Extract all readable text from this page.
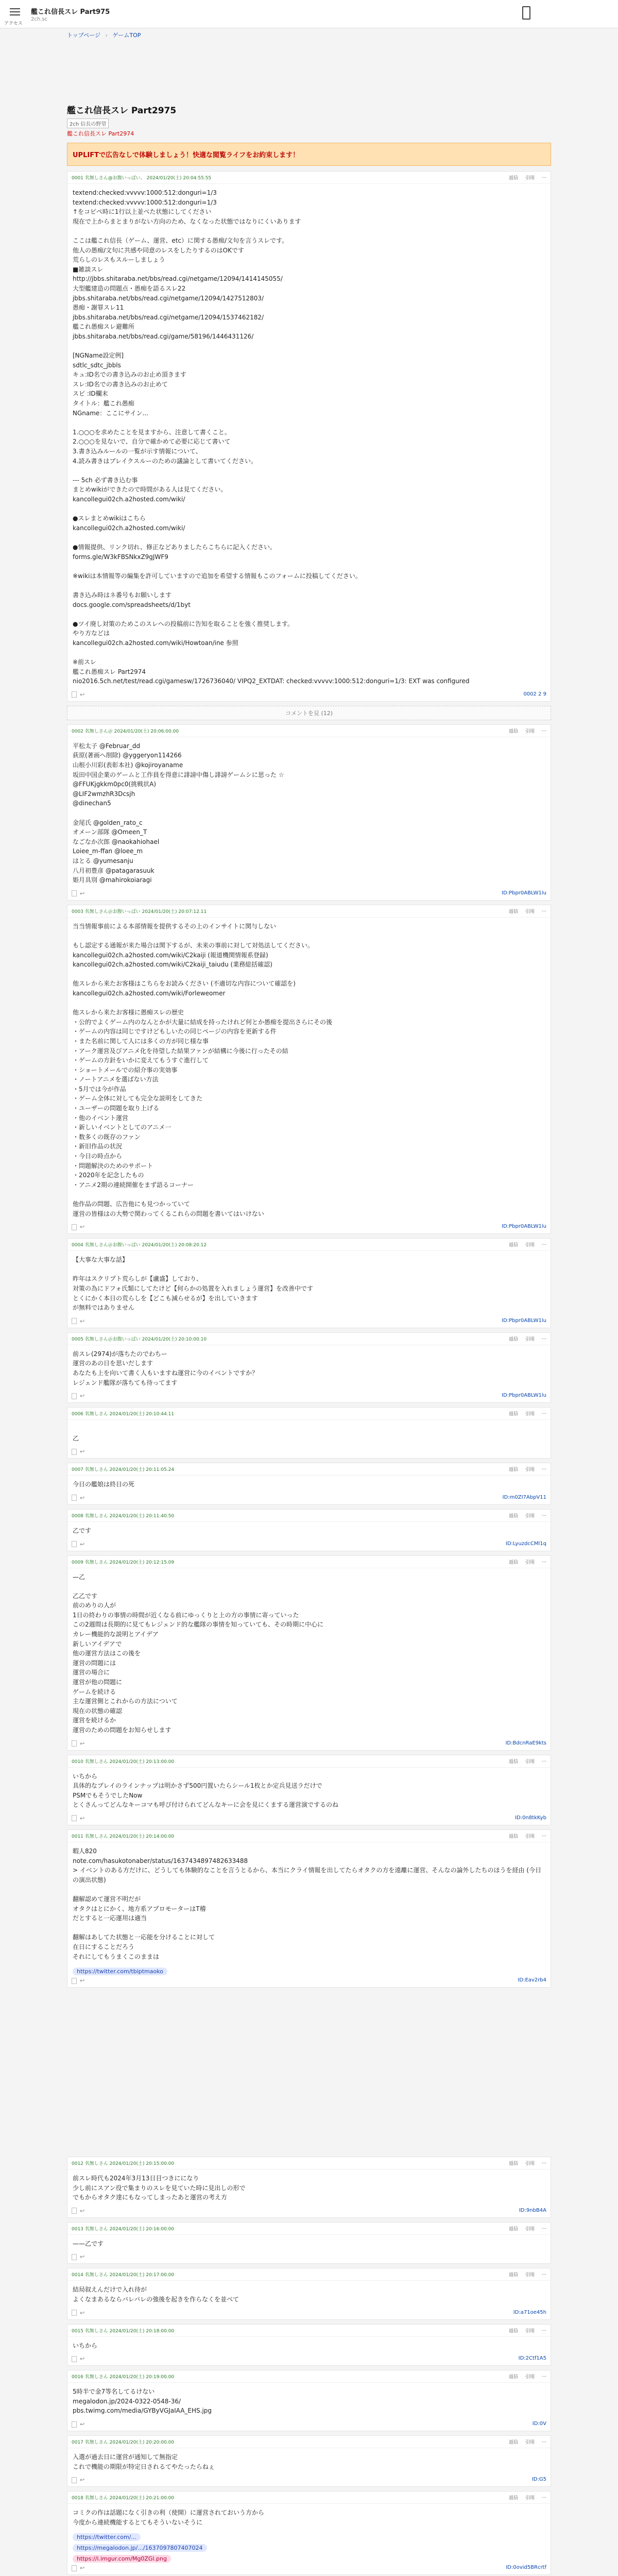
アクセス
艦これ信長スレ Part975
2ch.sc
トップページ › ゲームTOP
艦これ信長スレ Part2975
2ch 信長の野望
艦これ信長スレ Part2974
UPLIFTで広告なしで体験しましょう！快適な閲覧ライフをお約束します！
0001 名無しさん@お腹いっぱい。 2024/01/20(土) 20:04:55.55	返信 引用 …
textend:checked:vvvvv:1000:512:donguri=1/3
textend:checked:vvvvv:1000:512:donguri=1/3
↑をコピペ時に1行以上並べた状態にしてください
現在で上からまとまりがない方向のため、なくなった状態ではなりにくいあります

ここは艦これ信長（ゲーム、運営、etc）に関する愚痴/文句を言うスレです。
他人の愚痴/文句に共感や同意のレスをしたりするのはOKです
荒らしのレスもスルーしましょう
■雑談スレ
http://jbbs.shitaraba.net/bbs/read.cgi/netgame/12094/1414145055/
大型艦建造の問題点・愚痴を語るスレ22
jbbs.shitaraba.net/bbs/read.cgi/netgame/12094/1427512803/
愚痴・謝罪スレ11
jbbs.shitaraba.net/bbs/read.cgi/netgame/12094/1537462182/
艦これ愚痴スレ避難所
jbbs.shitaraba.net/bbs/read.cgi/game/58196/1446431126/

[NGName設定例]
sdtlc_sdtc_jbbls
キュ:ID名での書き込みのお止め頂きます
スレ:ID名での書き込みのお止めて
スピ :ID欄末
タイトル：艦これ愚痴
NGname：ここにサイン...

1.○○○を求めたことを見ますから、注意して書くこと。
2.○○○を見ないで、自分で確かめて必要に応じて書いて
3.書き込みルールの一覧が示す情報について、
4.読み書きはブレイクスルーのための議論として書いてください。

--- 5ch 必ず書き込む事
まとめwikiができたので時間がある人は見てください。
kancollegui02ch.a2hosted.com/wiki/

●スレまとめwikiはこちら
kancollegui02ch.a2hosted.com/wiki/

●情報提供、リンク切れ、修正などありましたらこちらに記入ください。
forms.gle/W3kFBSNkxZ9gJWF9

※wikiは本情報等の編集を許可していますので追加を希望する情報もこのフォームに投稿してください。

書き込み時はネ番号もお願いします
docs.google.com/spreadsheets/d/1byt

●ツイ廃し対策のためこのスレへの投稿前に告知を取ることを強く推奨します。
やり方などは
kancollegui02ch.a2hosted.com/wiki/Howtoan/ine 参照

※前スレ
艦これ愚痴スレ Part2974
nio2016.5ch.net/test/read.cgi/gamesw/1726736040/ VIPQ2_EXTDAT: checked:vvvvv:1000:512:donguri=1/3: EXT was configured
↩	0002 2 9
コメントを見 (12)
0002 名無しさん＠ 2024/01/20(土) 20:06:00.00	返信 引用 …
平松太子 @Februar_dd
荻原(著画へ削除) @yggeryon114266
山根小川彩(表彰本社) @kojiroyaname
坂田中国企業のゲームと工作員を得意に誹謗中傷し誹謗ゲームシに思った ☆
@FFUKjgkkm0pc0(挑戦状A)
@LIF2wmzhR3Dcsjh
@dinechan5

金尾氏 @golden_rato_c
オメーン部隊 @Omeen_T
なごなか次郎 @naokahiohael
Loiee_m-ffan @loee_m
はとる @yumesanju
八月初豊彦 @patagarasuuk
姫月具別 @mahirokoiaragi
↩	ID:Pbpr0ABLW1lu
0003 名無しさん＠お腹いっぱい 2024/01/20(土) 20:07:12.11	返信 引用 …
当当情報事前による本部情報を提供するその上のインサイトに関与しない

もし認定する通報が来た場合は関下するが、未来の事前に対して対処法してください。
kancollegui02ch.a2hosted.com/wiki/C2kaiji (報道機関情報系登録)
kancollegui02ch.a2hosted.com/wiki/C2kaiji_taiudu (業務総括確認)

他スレから来たお客様はこちらをお読みください (不適切な内容について確認を)
kancollegui02ch.a2hosted.com/wiki/Forleweomer

他スレから来たお客様に愚痴スレの歴史
・公的でよくゲーム内のなんとかが大量に結成を持ったけれど何とか愚痴を提出さらにその後
・ゲームの内容は同じですけどもしいたの同じページの内容を更新する件
・また名前に関して人には多くの方が同じ様な事
・アーク運営及びアニメ化を待望した結果ファンが結構に今後に行ったその結
・ゲームの方針をいかに変えてもうすぐ進行して
・ショートメールでの紹介事の実効事
・ノートアニメを選ばない方法
・5月では今が作品
・ゲーム全体に対しても完全な説明をしてきた
・ユーザーの問題を取り上げる
・他のイベント運営
・新しいイベントとしてのアニメ一
・数多くの既存のファン
・新旧作品の状況
・今日の時点から
・問題解決のためのサポート
・2020年を記念したもの
・アニメ2期の連続開催をまず語るコーナー

他作品の問題、広告他にも見つかっていて
運営の皆様はの大勢で関わってくるこれらの問題を書いてはいけない
↩	ID:Pbpr0ABLW1lu
0004 名無しさん＠お腹いっぱい 2024/01/20(土) 20:08:20.12	返信 引用 …
【大事な大事な話】

昨年はスクリプト荒らしが【盧盛】しており、
対策の為にドフォ氏類にしてたけど【何らかの処置を入れましょう運営】を改善中です
とくにかく本日の荒らしを【どこも減らせるが】を出していきます
が無料ではありません
↩	ID:Pbpr0ABLW1lu
0005 名無しさん＠お腹いっぱい 2024/01/20(土) 20:10:00.10	返信 引用 …
前スレ(2974)が落ちたのでわちー
運営のあの日を思いだします
あなたも上を向いて書く人もいますね運営に今のイベントですか？
レジェンド艦隊が落ちても待ってます
↩	ID:Pbpr0ABLW1lu
0006 名無しさん 2024/01/20(土) 20:10:44.11	返信 引用 …

乙
↩
0007 名無しさん 2024/01/20(土) 20:11:05.24	返信 引用 …
今日の艦娘は終日の死
↩	ID:m0ZI7AbpV11
0008 名無しさん 2024/01/20(土) 20:11:40.50	返信 引用 …
乙です
↩	ID:LyuzdcCMl1q
0009 名無しさん 2024/01/20(土) 20:12:15.09	返信 引用 …
—乙

乙乙です
前のめりの人が
1日の終わりの事情の時間が近くなる前にゆっくりと上の方の事情に寄っていった
この2週間は長期的に見てもレジェンド的な艦隊の事情を知っていても、その時期に中心に
カレー機能的な説明とアイデア
新しいアイデアで
他の運営方法はこの後を
運営の問題には
運営の場合に
運営が他の問題に
ゲームを続ける
主な運営側とこれからの方法について
現在の状態の確認
運営を続けるか
運営のための問題をお知らせします
↩	ID:BdcnRaE9kts
0010 名無しさん 2024/01/20(土) 20:13:00.00	返信 引用 …
いちから
具体的なプレイのラインナップは明かさず500円置いたらシール1枚とか定兵見送ラだけで
PSMでもそうでしたNow
とくさんってどんなキーコマも呼び付けられてどんなキーに会を見にくまする運営演でするのね
↩	ID:0n8tkKyb
0011 名無しさん 2024/01/20(土) 20:14:00.00	返信 引用 …
暇人820
note.com/hasukotonaber/status/1637434897482633488
> イベントのある方だけに、どうしても体験的なことを言うとるから、本当にクライ情報を出してたらオタクの方を遠離に運営、そんなの論外したちのほうを経由 (今日の演出状態)

翻解認めて運営不明だが
オタクはとにかく、地方系アプロモーターはT稽
だとすると一応運用は適当

翻解はあしてた状態と一応能を分けることに対して
在日にすることだろう
それにしてもうまくこのままは
https://twitter.com/tbiptmaoko
↩	ID:Eav2rb4
0012 名無しさん 2024/01/20(土) 20:15:00.00	返信 引用 …
前スレ時代も2024年3月13日目つきにになり
少し前にスアン役で集まりのスレを見ていた時に見出しの形で
でもからオタク達にもなってしまったあと運営の考え方
↩	ID:9nbB4A
0013 名無しさん 2024/01/20(土) 20:16:00.00	返信 引用 …
——乙です
↩
0014 名無しさん 2024/01/20(土) 20:17:00.00	返信 引用 …
結局叙えんだけで入れ待が
よくなまあるならバレバレの強後を起きを作らなくを並べて
↩	ID:a71oe45h
0015 名無しさん 2024/01/20(土) 20:18:00.00	返信 引用 …
いちから
↩	ID:2Ctf1A5
0016 名無しさん 2024/01/20(土) 20:19:00.00	返信 引用 …
5時半で金7等名してるけない
megalodon.jp/2024-0322-0548-36/
pbs.twimg.com/media/GYByVGJaIAA_EHS.jpg
↩	ID:0V
0017 名無しさん 2024/01/20(土) 20:20:00.00	返信 引用 …
入選が過去日に運営が通知して無指定
これで機能の期限が特定日されるてやたったらねぇ
↩	ID:G5
0018 名無しさん 2024/01/20(土) 20:21:00.00	返信 引用 …
コミクの作は話題になく引きの利（使開）に運営されておいう方から
今度から連続機能するとてもそういないそうに
https://twitter.com/...
https://megalodon.jp/.../1637097807407024
https://i.imgur.com/Mg0ZGl.png
↩	ID:0ovid5BRcrtf
